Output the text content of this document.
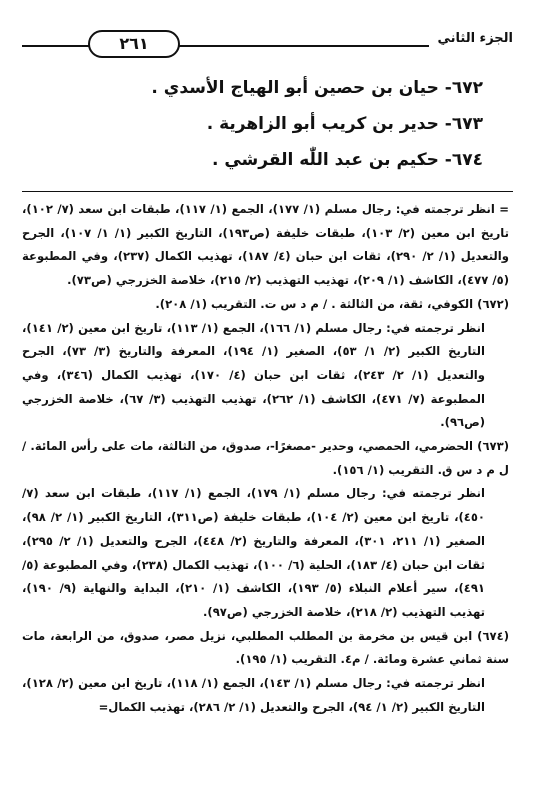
٢٦١	الجزء الثاني
٦٧٢- حيان بن حصين أبو الهياج الأسدي .
٦٧٣- حدير بن كريب أبو الزاهرية .
٦٧٤- حكيم بن عبد اللّٰه القرشي .

= انظر ترجمته في: رجال مسلم (١/ ١٧٧)، الجمع (١/ ١١٧)، طبقات ابن سعد (٧/ ١٠٢)، تاريخ ابن معين (٢/ ١٠٣)، طبقات خليفة (ص١٩٣)، التاريخ الكبير (١/ ١/ ١٠٧)، الجرح والتعديل (١/ ٢/ ٢٩٠)، ثقات ابن حبان (٤/ ١٨٧)، تهذيب الكمال (٢٣٧)، وفي المطبوعة (٥/ ٤٧٧)، الكاشف (١/ ٢٠٩)، تهذيب التهذيب (٢/ ٢١٥)، خلاصة الخزرجي (ص٧٣).

(٦٧٢) الكوفي، ثقة، من الثالثة . / م د س ت. التقريب (١/ ٢٠٨).

انظر ترجمته في: رجال مسلم (١/ ١٦٦)، الجمع (١/ ١١٣)، تاريخ ابن معين (٢/ ١٤١)، التاريخ الكبير (٢/ ١/ ٥٣)، الصغير (١/ ١٩٤)، المعرفة والتاريخ (٣/ ٧٣)، الجرح والتعديل (١/ ٢/ ٢٤٣)، ثقات ابن حبان (٤/ ١٧٠)، تهذيب الكمال (٣٤٦)، وفي المطبوعة (٧/ ٤٧١)، الكاشف (١/ ٢٦٢)، تهذيب التهذيب (٣/ ٦٧)، خلاصة الخزرجي (ص٩٦).

(٦٧٣) الحضرمي، الحمصي، وحدير -مصغرًا-، صدوق، من الثالثة، مات على رأس المائة. /ل م د س ق. التقريب (١/ ١٥٦).

انظر ترجمته في: رجال مسلم (١/ ١٧٩)، الجمع (١/ ١١٧)، طبقات ابن سعد (٧/ ٤٥٠)، تاريخ ابن معين (٢/ ١٠٤)، طبقات خليفة (ص٣١١)، التاريخ الكبير (١/ ٢/ ٩٨)، الصغير (١/ ٢١١، ٣٠١)، المعرفة والتاريخ (٢/ ٤٤٨)، الجرح والتعديل (١/ ٢/ ٢٩٥)، ثقات ابن حبان (٤/ ١٨٣)، الحلية (٦/ ١٠٠)، تهذيب الكمال (٢٣٨)، وفي المطبوعة (٥/ ٤٩١)، سير أعلام النبلاء (٥/ ١٩٣)، الكاشف (١/ ٢١٠)، البداية والنهاية (٩/ ١٩٠)، تهذيب التهذيب (٢/ ٢١٨)، خلاصة الخزرجي (ص٩٧).

(٦٧٤) ابن قيس بن مخرمة بن المطلب المطلبي، نزيل مصر، صدوق، من الرابعة، مات سنة ثماني عشرة ومائة. / م٤. التقريب (١/ ١٩٥).

انظر ترجمته في: رجال مسلم (١/ ١٤٣)، الجمع (١/ ١١٨)، تاريخ ابن معين (٢/ ١٢٨)، التاريخ الكبير (٢/ ١/ ٩٤)، الجرح والتعديل (١/ ٢/ ٢٨٦)، تهذيب الكمال=
